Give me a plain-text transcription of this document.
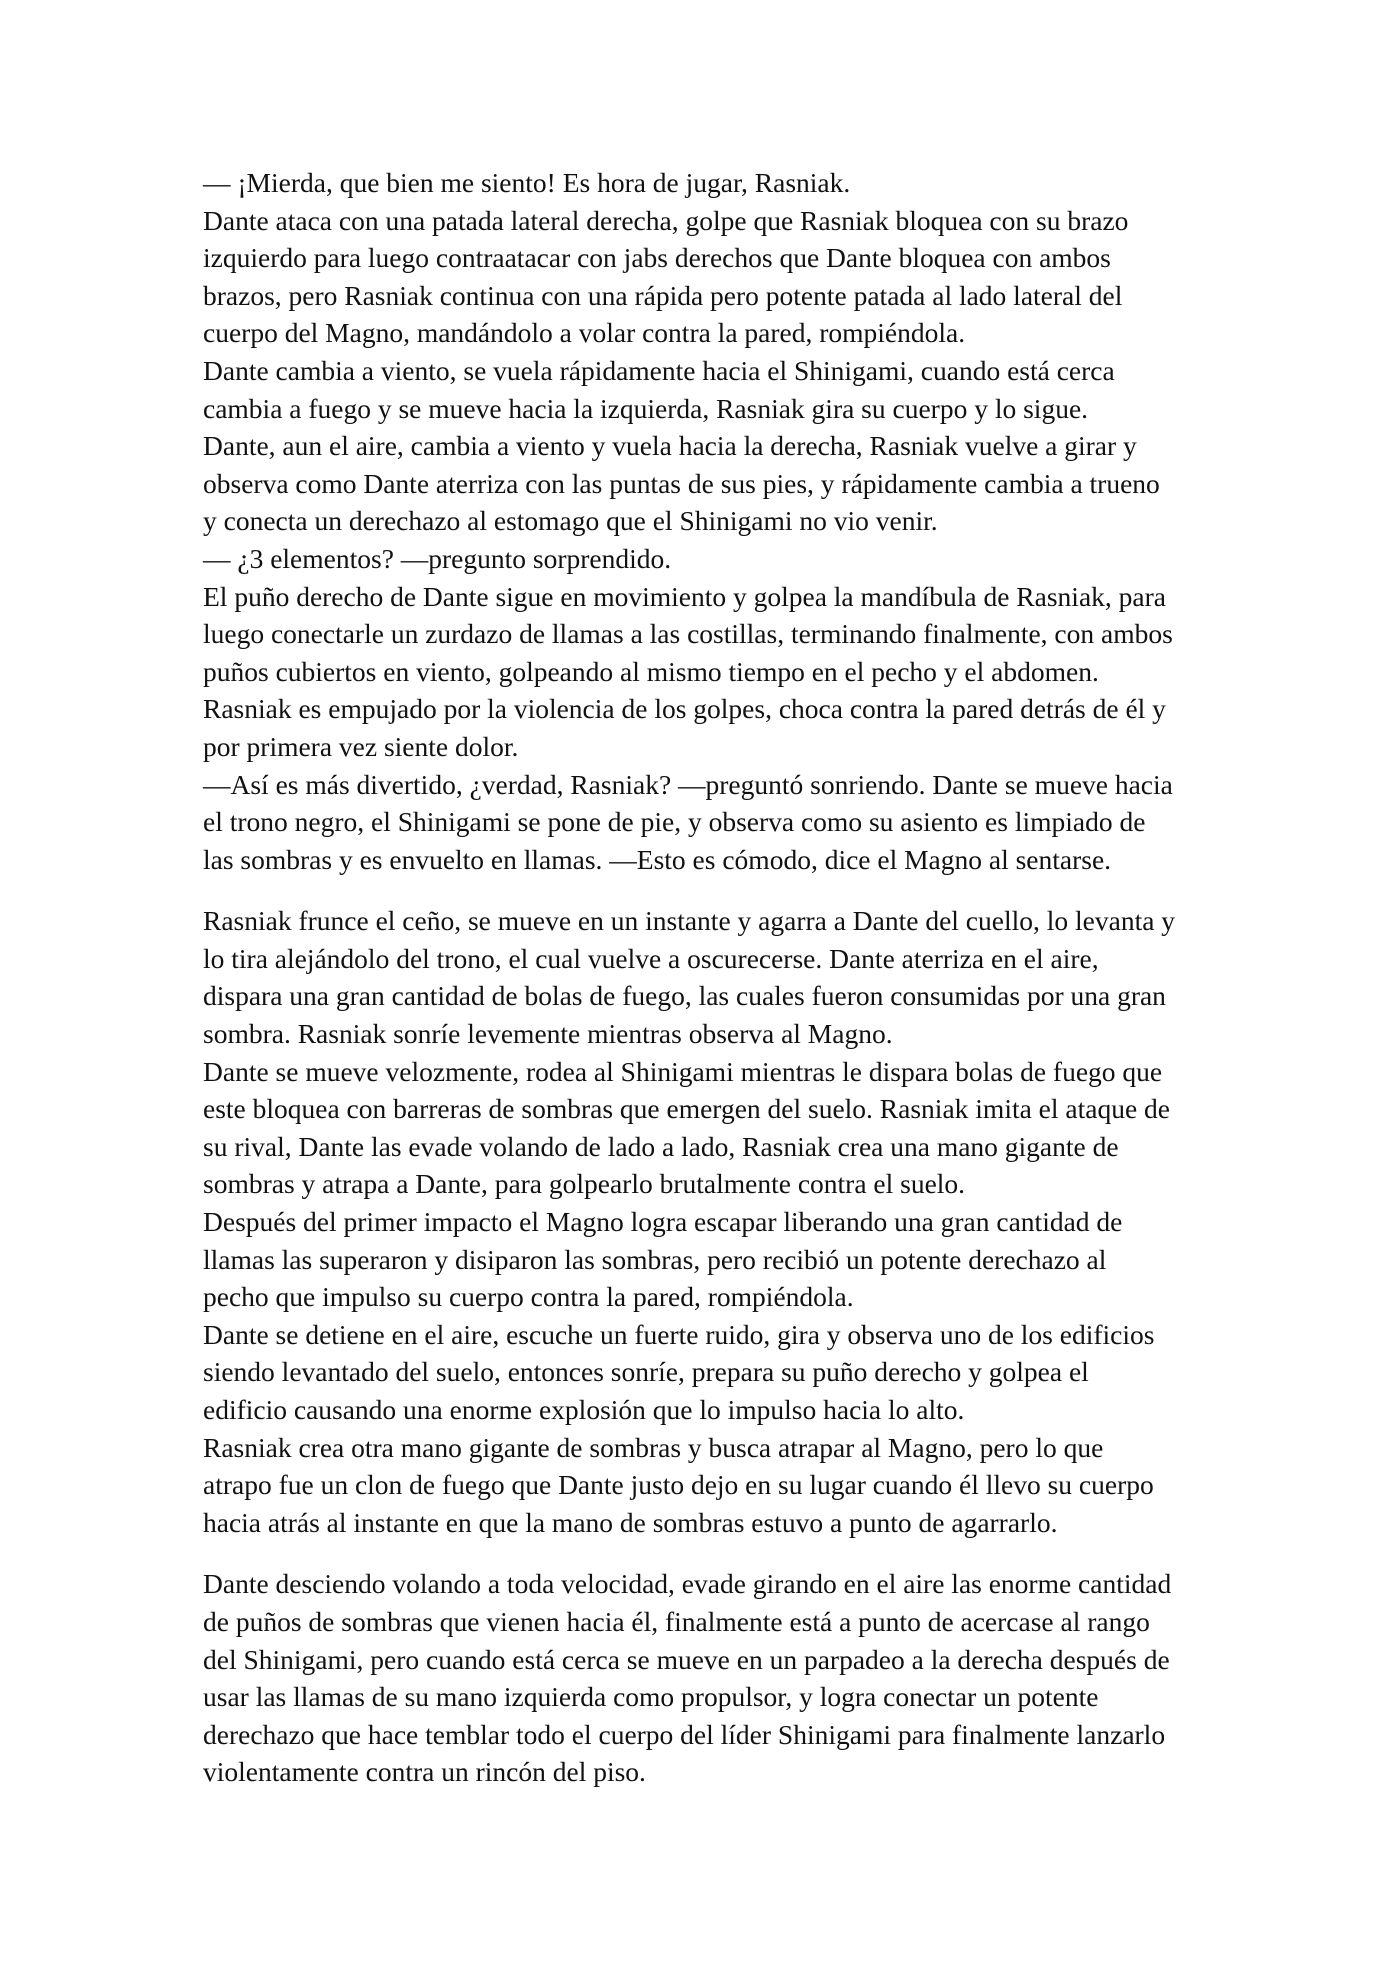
— ¡Mierda, que bien me siento! Es hora de jugar, Rasniak.
Dante ataca con una patada lateral derecha, golpe que Rasniak bloquea con su brazo
izquierdo para luego contraatacar con jabs derechos que Dante bloquea con ambos
brazos, pero Rasniak continua con una rápida pero potente patada al lado lateral del
cuerpo del Magno, mandándolo a volar contra la pared, rompiéndola.
Dante cambia a viento, se vuela rápidamente hacia el Shinigami, cuando está cerca
cambia a fuego y se mueve hacia la izquierda, Rasniak gira su cuerpo y lo sigue.
Dante, aun el aire, cambia a viento y vuela hacia la derecha, Rasniak vuelve a girar y
observa como Dante aterriza con las puntas de sus pies, y rápidamente cambia a trueno
y conecta un derechazo al estomago que el Shinigami no vio venir.
— ¿3 elementos? —pregunto sorprendido.
El puño derecho de Dante sigue en movimiento y golpea la mandíbula de Rasniak, para
luego conectarle un zurdazo de llamas a las costillas, terminando finalmente, con ambos
puños cubiertos en viento, golpeando al mismo tiempo en el pecho y el abdomen.
Rasniak es empujado por la violencia de los golpes, choca contra la pared detrás de él y
por primera vez siente dolor.
—Así es más divertido, ¿verdad, Rasniak? —preguntó sonriendo. Dante se mueve hacia
el trono negro, el Shinigami se pone de pie, y observa como su asiento es limpiado de
las sombras y es envuelto en llamas. —Esto es cómodo, dice el Magno al sentarse.
Rasniak frunce el ceño, se mueve en un instante y agarra a Dante del cuello, lo levanta y
lo tira alejándolo del trono, el cual vuelve a oscurecerse. Dante aterriza en el aire,
dispara una gran cantidad de bolas de fuego, las cuales fueron consumidas por una gran
sombra. Rasniak sonríe levemente mientras observa al Magno.
Dante se mueve velozmente, rodea al Shinigami mientras le dispara bolas de fuego que
este bloquea con barreras de sombras que emergen del suelo. Rasniak imita el ataque de
su rival, Dante las evade volando de lado a lado, Rasniak crea una mano gigante de
sombras y atrapa a Dante, para golpearlo brutalmente contra el suelo.
Después del primer impacto el Magno logra escapar liberando una gran cantidad de
llamas las superaron y disiparon las sombras, pero recibió un potente derechazo al
pecho que impulso su cuerpo contra la pared, rompiéndola.
Dante se detiene en el aire, escuche un fuerte ruido, gira y observa uno de los edificios
siendo levantado del suelo, entonces sonríe, prepara su puño derecho y golpea el
edificio causando una enorme explosión que lo impulso hacia lo alto.
Rasniak crea otra mano gigante de sombras y busca atrapar al Magno, pero lo que
atrapo fue un clon de fuego que Dante justo dejo en su lugar cuando él llevo su cuerpo
hacia atrás al instante en que la mano de sombras estuvo a punto de agarrarlo.
Dante desciendo volando a toda velocidad, evade girando en el aire las enorme cantidad
de puños de sombras que vienen hacia él, finalmente está a punto de acercase al rango
del Shinigami, pero cuando está cerca se mueve en un parpadeo a la derecha después de
usar las llamas de su mano izquierda como propulsor, y logra conectar un potente
derechazo que hace temblar todo el cuerpo del líder Shinigami para finalmente lanzarlo
violentamente contra un rincón del piso.
